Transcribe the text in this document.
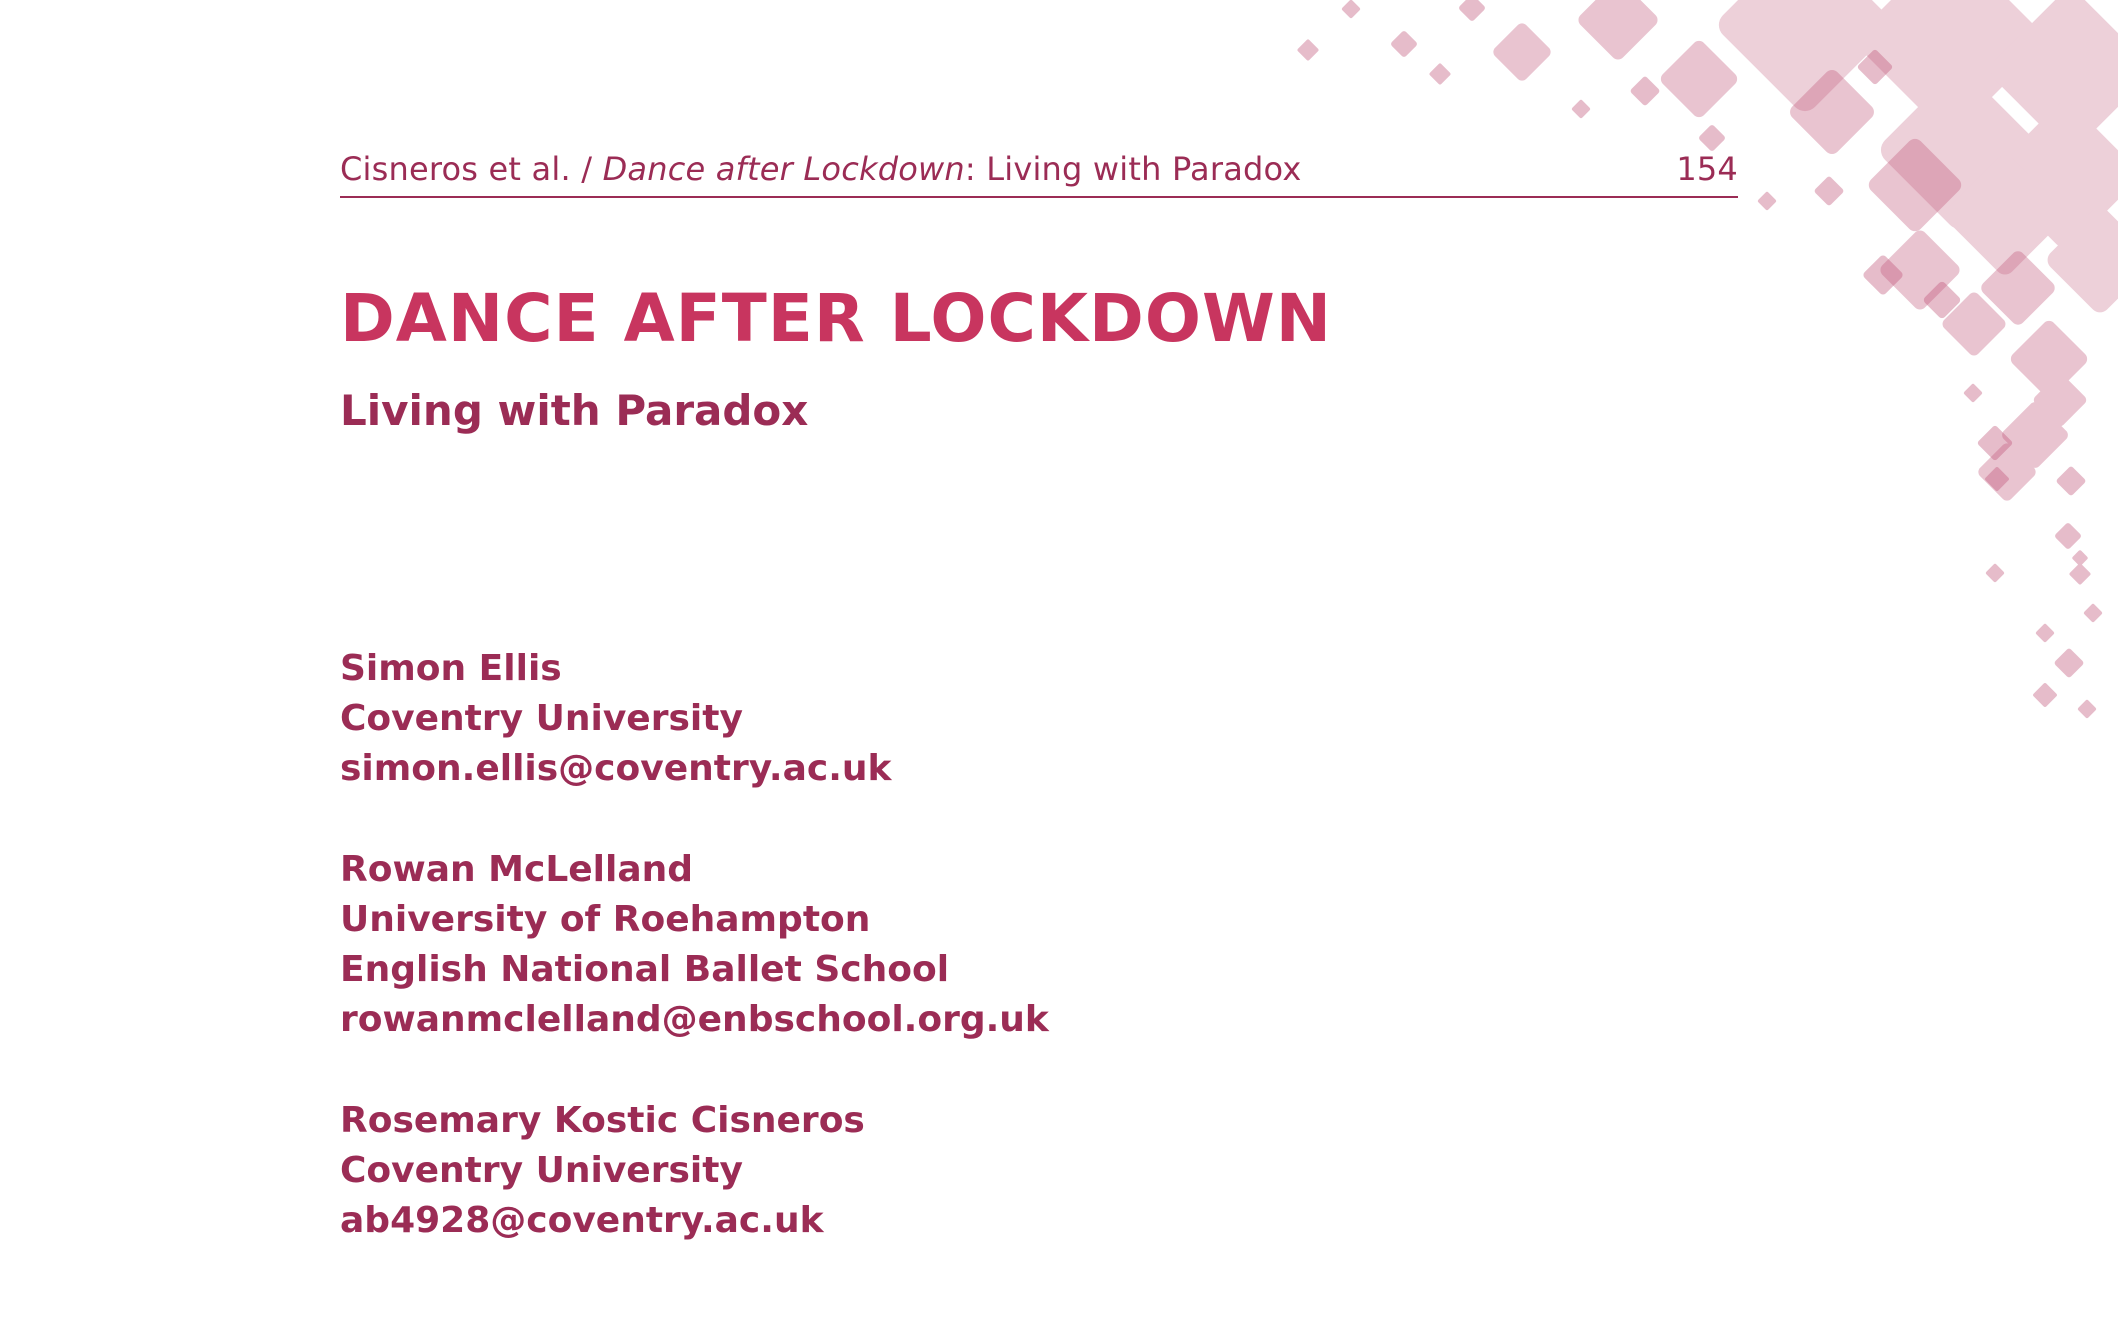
Cisneros et al. / Dance after Lockdown: Living with Paradox	154
DANCE AFTER LOCKDOWN
Living with Paradox
Simon Ellis
Coventry University
simon.ellis@coventry.ac.uk
Rowan McLelland
University of Roehampton
English National Ballet School
rowanmclelland@enbschool.org.uk
Rosemary Kostic Cisneros
Coventry University
ab4928@coventry.ac.uk
